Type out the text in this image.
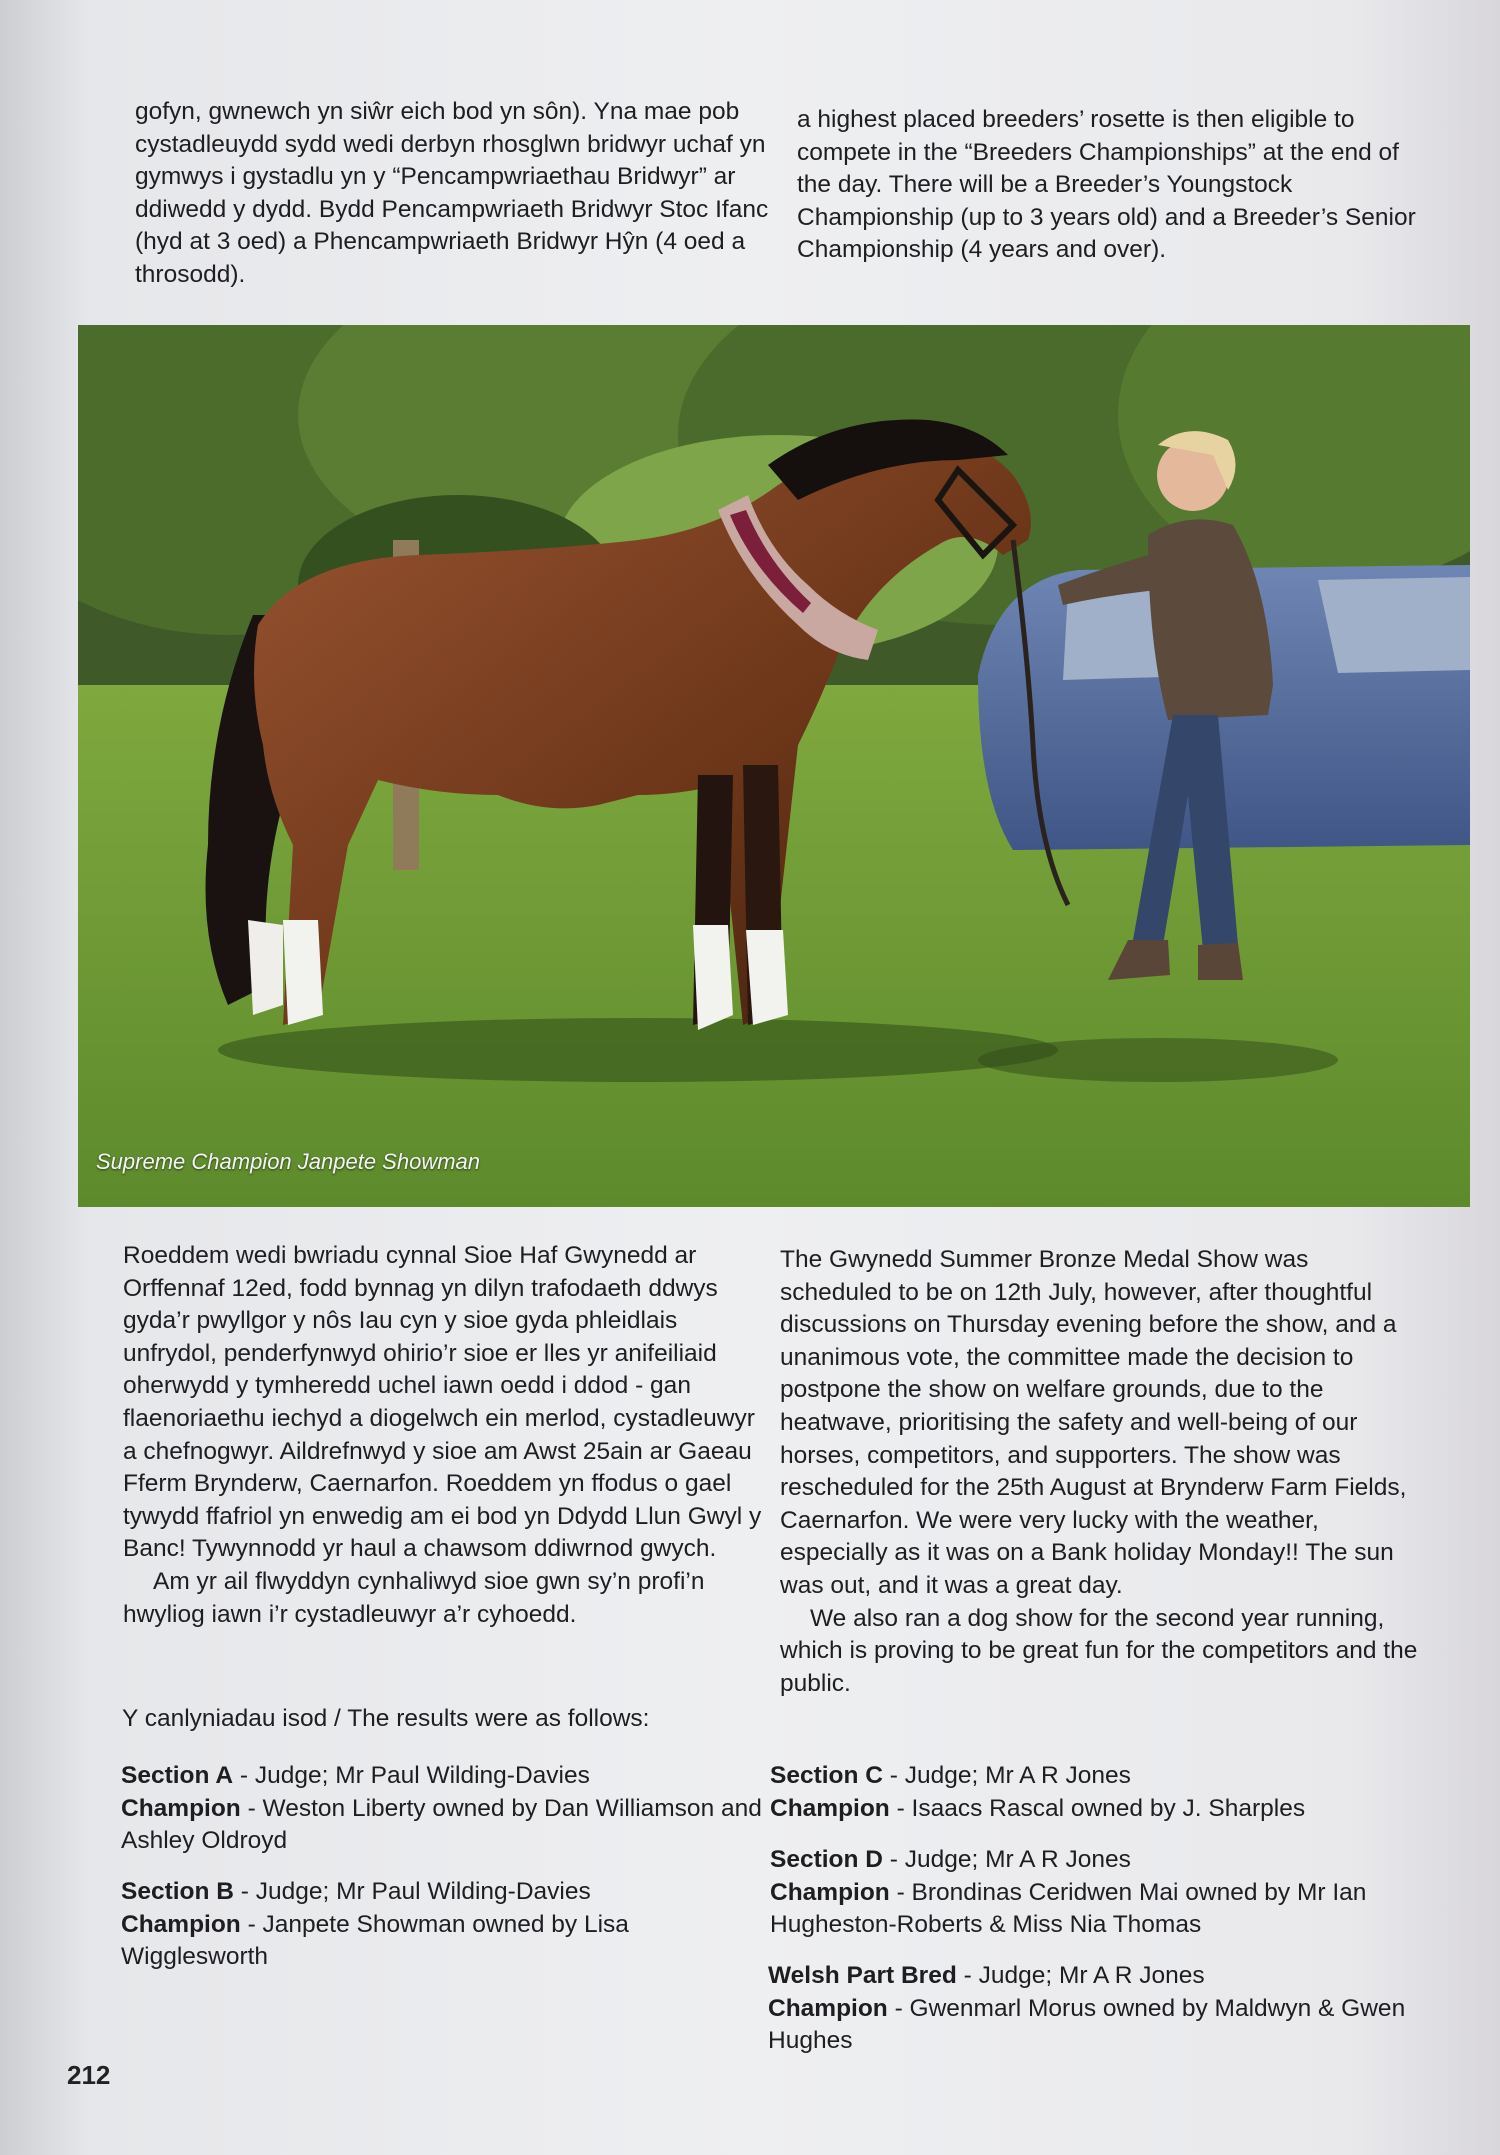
gofyn, gwnewch yn siŵr eich bod yn sôn). Yna mae pob cystadleuydd sydd wedi derbyn rhosglwn bridwyr uchaf yn gymwys i gystadlu yn y “Pencampwriaethau Bridwyr” ar ddiwedd y dydd. Bydd Pencampwriaeth Bridwyr Stoc Ifanc (hyd at 3 oed) a Phencampwriaeth Bridwyr Hŷn (4 oed a throsodd).

a highest placed breeders’ rosette is then eligible to compete in the “Breeders Championships” at the end of the day. There will be a Breeder’s Youngstock Championship (up to 3 years old) and a Breeder’s Senior Championship (4 years and over).

Supreme Champion Janpete Showman

Roeddem wedi bwriadu cynnal Sioe Haf Gwynedd ar Orffennaf 12ed, fodd bynnag yn dilyn trafodaeth ddwys gyda’r pwyllgor y nôs Iau cyn y sioe gyda phleidlais unfrydol, penderfynwyd ohirio’r sioe er lles yr anifeiliaid oherwydd y tymheredd uchel iawn oedd i ddod - gan flaenoriaethu iechyd a diogelwch ein merlod, cystadleuwyr a chefnogwyr. Aildrefnwyd y sioe am Awst 25ain ar Gaeau Fferm Brynderw, Caernarfon. Roeddem yn ffodus o gael tywydd ffafriol yn enwedig am ei bod yn Ddydd Llun Gwyl y Banc! Tywynnodd yr haul a chawsom ddiwrnod gwych.

Am yr ail flwyddyn cynhaliwyd sioe gwn sy’n profi’n hwyliog iawn i’r cystadleuwyr a’r cyhoedd.

The Gwynedd Summer Bronze Medal Show was scheduled to be on 12th July, however, after thoughtful discussions on Thursday evening before the show, and a unanimous vote, the committee made the decision to postpone the show on welfare grounds, due to the heatwave, prioritising the safety and well-being of our horses, competitors, and supporters. The show was rescheduled for the 25th August at Brynderw Farm Fields, Caernarfon. We were very lucky with the weather, especially as it was on a Bank holiday Monday!! The sun was out, and it was a great day.

We also ran a dog show for the second year running, which is proving to be great fun for the competitors and the public.

Y canlyniadau isod / The results were as follows:
Section A - Judge; Mr Paul Wilding-Davies
Champion - Weston Liberty owned by Dan Williamson and Ashley Oldroyd
Section B - Judge; Mr Paul Wilding-Davies
Champion - Janpete Showman owned by Lisa Wigglesworth
Section C - Judge; Mr A R Jones
Champion - Isaacs Rascal owned by J. Sharples
Section D - Judge; Mr A R Jones
Champion - Brondinas Ceridwen Mai owned by Mr Ian Hugheston-Roberts & Miss Nia Thomas
Welsh Part Bred - Judge; Mr A R Jones
Champion - Gwenmarl Morus owned by Maldwyn & Gwen Hughes
212
